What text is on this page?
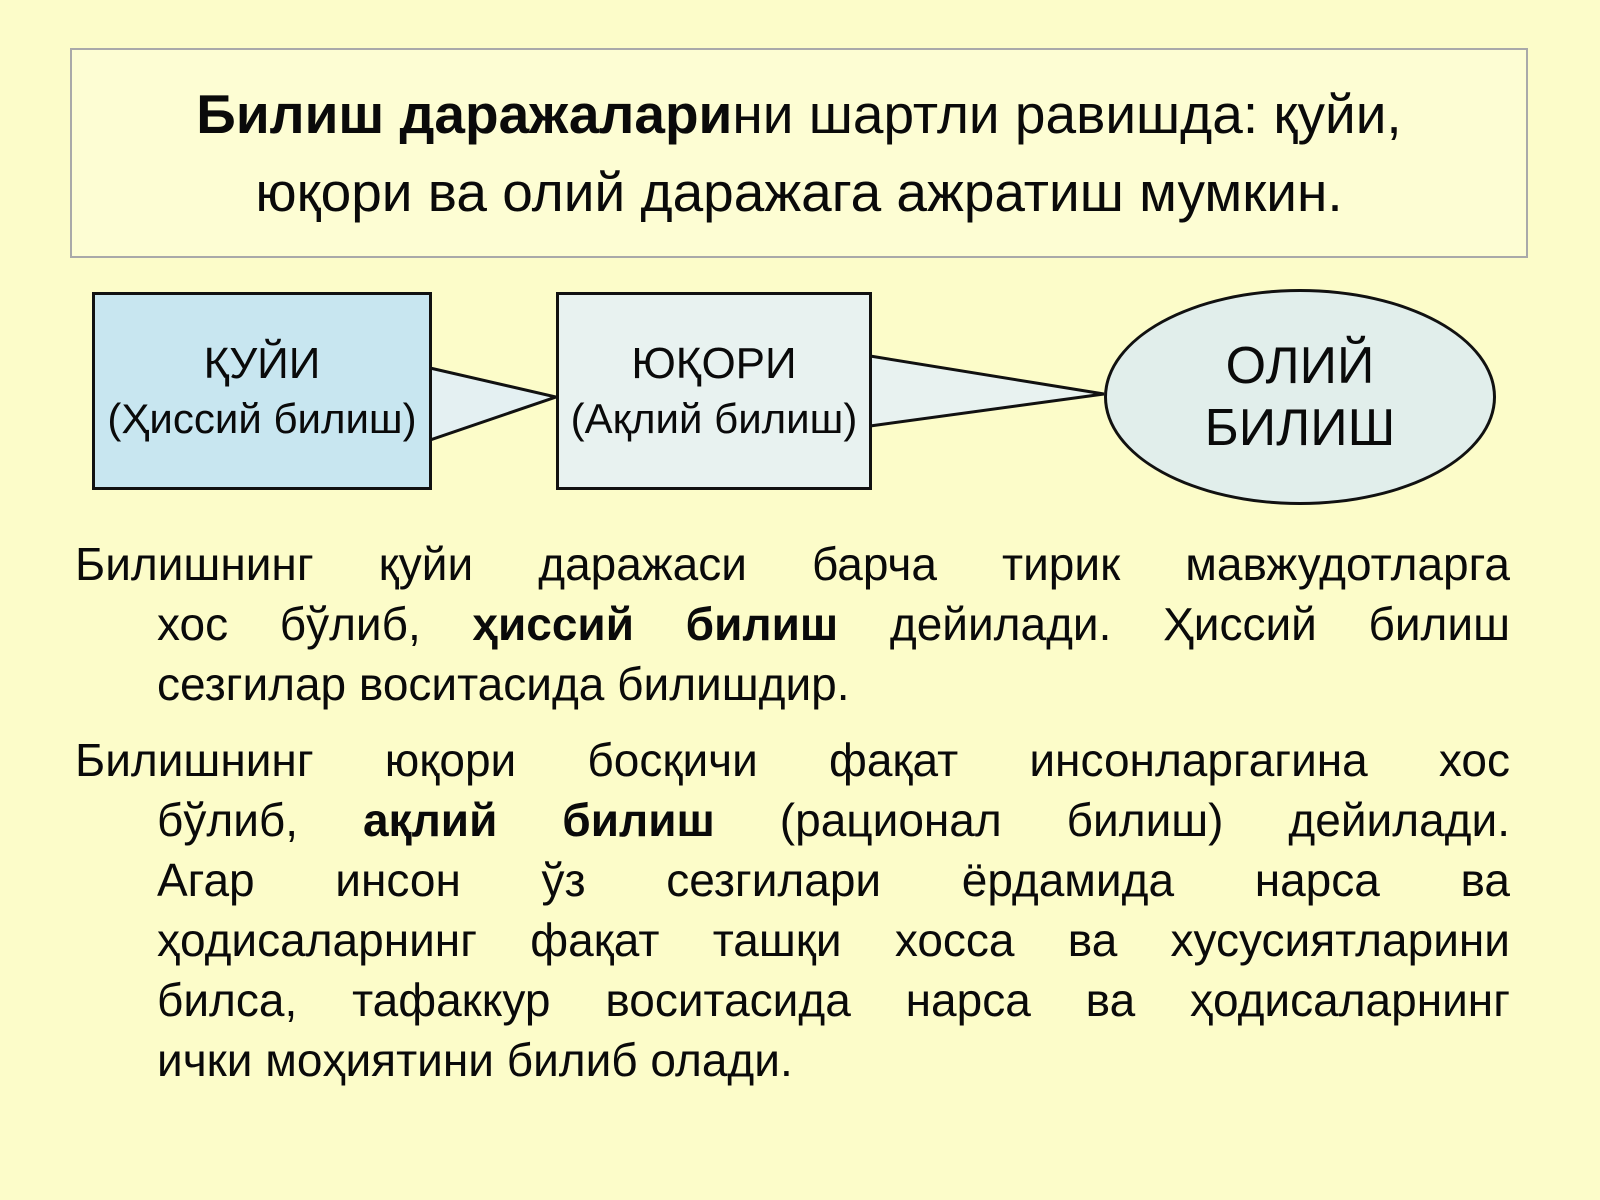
Билиш даражаларини шартли равишда: қуйи,
юқори ва олий даражага ажратиш мумкин.
ҚУЙИ
(Ҳиссий билиш)
ЮҚОРИ
(Ақлий билиш)
ОЛИЙ
БИЛИШ
Билишнинг қуйи даражаси барча тирик мавжудотларга
хос бўлиб, ҳиссий билиш дейилади. Ҳиссий билиш
сезгилар воситасида билишдир.
Билишнинг юқори босқичи фақат инсонларгагина хос
бўлиб, ақлий билиш (рационал билиш) дейилади.
Агар инсон ўз сезгилари ёрдамида нарса ва
ҳодисаларнинг фақат ташқи хосса ва хусусиятларини
билса, тафаккур воситасида нарса ва ҳодисаларнинг
ички моҳиятини билиб олади.
